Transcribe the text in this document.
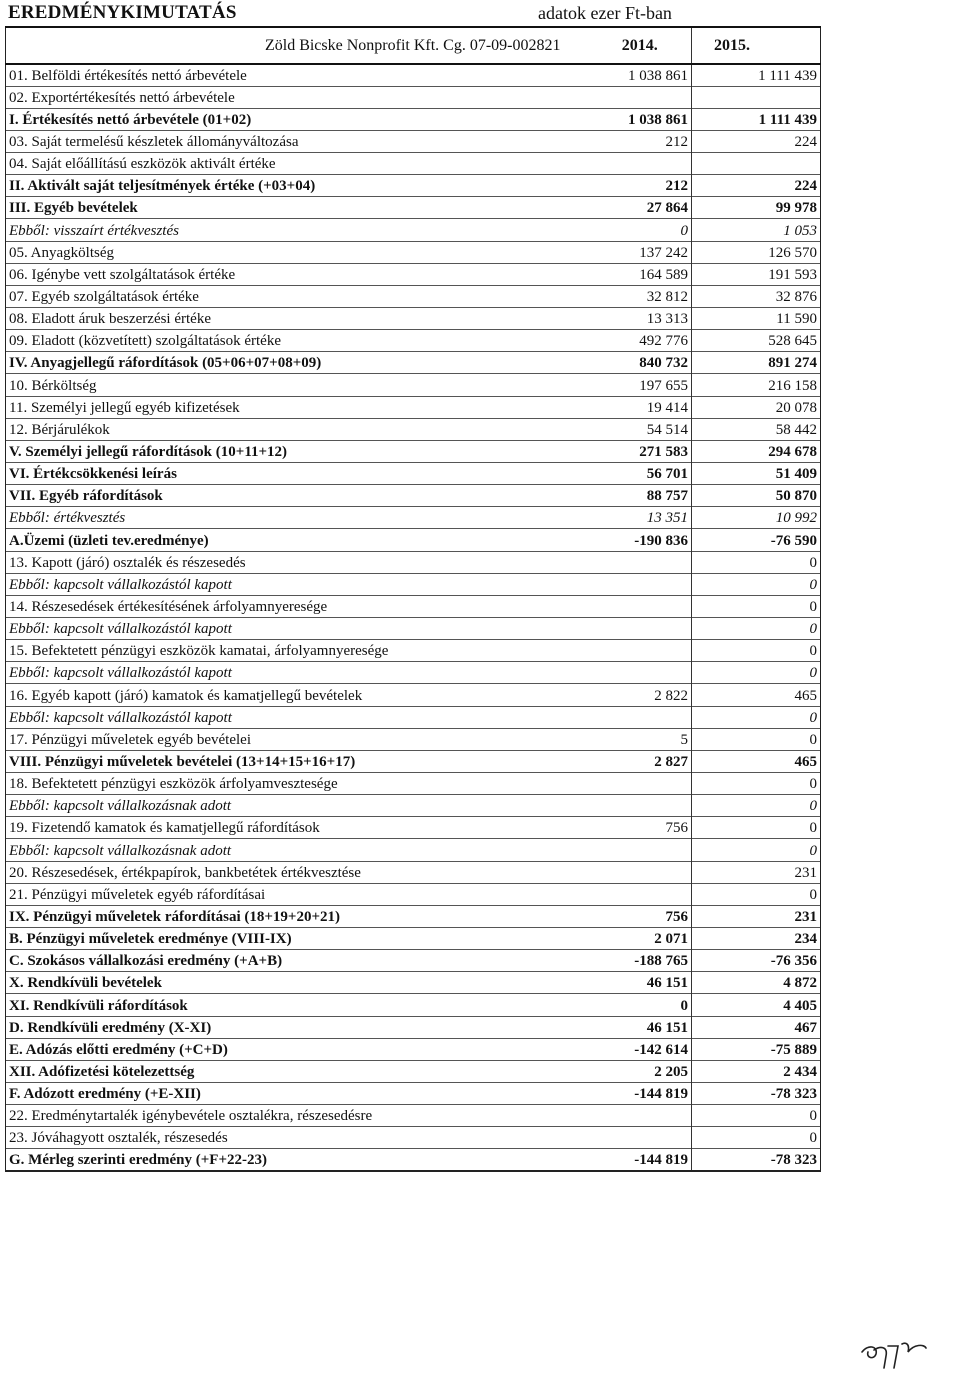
EREDMÉNYKIMUTATÁS	adatok ezer Ft-ban
Zöld Bicske Nonprofit Kft. Cg. 07-09-002821	2014.	2015.
01. Belföldi értékesítés nettó árbevétele	1 038 861	1 111 439
02. Exportértékesítés nettó árbevétele		
I. Értékesítés nettó árbevétele (01+02)	1 038 861	1 111 439
03. Saját termelésű készletek állományváltozása	212	224
04. Saját előállítású eszközök aktivált értéke		
II. Aktivált saját teljesítmények értéke (+03+04)	212	224
III. Egyéb bevételek	27 864	99 978
Ebből: visszaírt értékvesztés	0	1 053
05. Anyagköltség	137 242	126 570
06. Igénybe vett szolgáltatások értéke	164 589	191 593
07. Egyéb szolgáltatások értéke	32 812	32 876
08. Eladott áruk beszerzési értéke	13 313	11 590
09. Eladott (közvetített) szolgáltatások értéke	492 776	528 645
IV. Anyagjellegű ráfordítások (05+06+07+08+09)	840 732	891 274
10. Bérköltség	197 655	216 158
11. Személyi jellegű egyéb kifizetések	19 414	20 078
12. Bérjárulékok	54 514	58 442
V. Személyi jellegű ráfordítások (10+11+12)	271 583	294 678
VI. Értékcsökkenési leírás	56 701	51 409
VII. Egyéb ráfordítások	88 757	50 870
Ebből: értékvesztés	13 351	10 992
A.Üzemi (üzleti tev.eredménye)	-190 836	-76 590
13. Kapott (járó) osztalék és részesedés		0
Ebből: kapcsolt vállalkozástól kapott		0
14. Részesedések értékesítésének árfolyamnyeresége		0
Ebből: kapcsolt vállalkozástól kapott		0
15. Befektetett pénzügyi eszközök kamatai, árfolyamnyeresége		0
Ebből: kapcsolt vállalkozástól kapott		0
16. Egyéb kapott (járó) kamatok és kamatjellegű bevételek	2 822	465
Ebből: kapcsolt vállalkozástól kapott		0
17. Pénzügyi műveletek egyéb bevételei	5	0
VIII. Pénzügyi műveletek bevételei (13+14+15+16+17)	2 827	465
18. Befektetett pénzügyi eszközök árfolyamvesztesége		0
Ebből: kapcsolt vállalkozásnak adott		0
19. Fizetendő kamatok és kamatjellegű ráfordítások	756	0
Ebből: kapcsolt vállalkozásnak adott		0
20. Részesedések, értékpapírok, bankbetétek értékvesztése		231
21. Pénzügyi műveletek egyéb ráfordításai		0
IX. Pénzügyi műveletek ráfordításai (18+19+20+21)	756	231
B. Pénzügyi műveletek eredménye (VIII-IX)	2 071	234
C. Szokásos vállalkozási eredmény (+A+B)	-188 765	-76 356
X. Rendkívüli bevételek	46 151	4 872
XI. Rendkívüli ráfordítások	0	4 405
D. Rendkívüli eredmény (X-XI)	46 151	467
E. Adózás előtti eredmény (+C+D)	-142 614	-75 889
XII. Adófizetési kötelezettség	2 205	2 434
F. Adózott eredmény (+E-XII)	-144 819	-78 323
22. Eredménytartalék igénybevétele osztalékra, részesedésre		0
23. Jóváhagyott osztalék, részesedés		0
G. Mérleg szerinti eredmény (+F+22-23)	-144 819	-78 323
